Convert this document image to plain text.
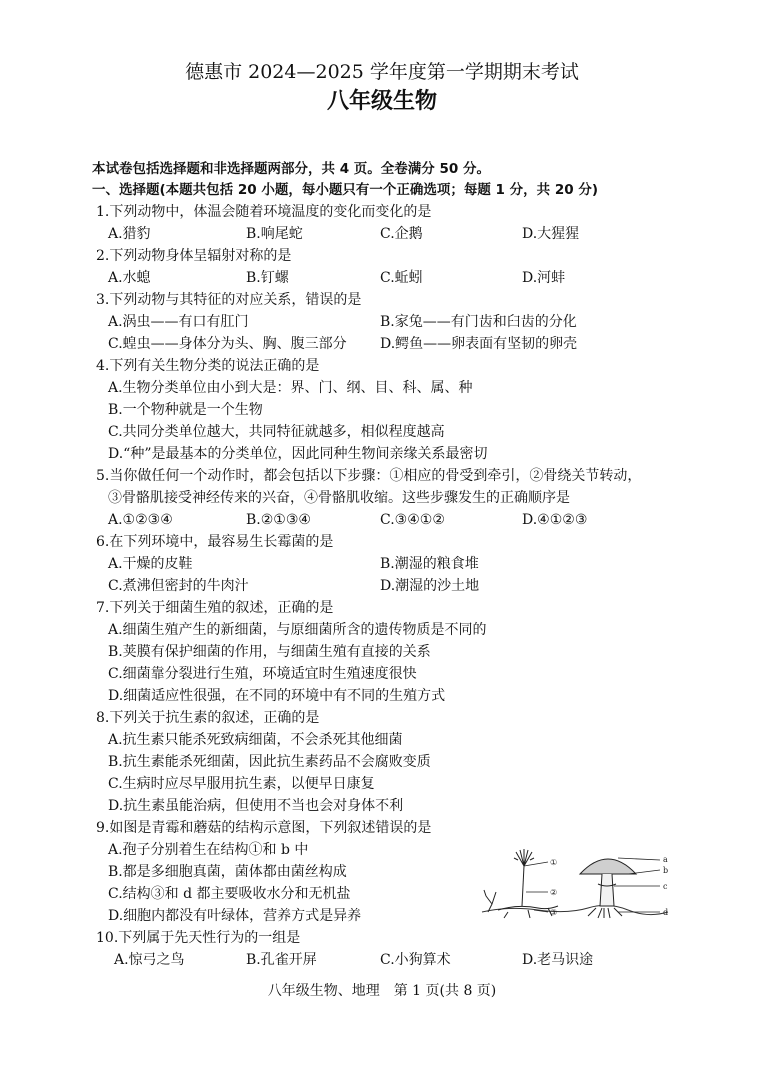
德惠市 2024—2025 学年度第一学期期末考试
八年级生物
本试卷包括选择题和非选择题两部分，共 4 页。全卷满分 50 分。
一、选择题(本题共包括 20 小题，每小题只有一个正确选项；每题 1 分，共 20 分)
1.下列动物中，体温会随着环境温度的变化而变化的是
A.猎豹	B.响尾蛇	C.企鹅	D.大猩猩
2.下列动物身体呈辐射对称的是
A.水螅	B.钉螺	C.蚯蚓	D.河蚌
3.下列动物与其特征的对应关系，错误的是
A.涡虫——有口有肛门	B.家兔——有门齿和臼齿的分化
C.蝗虫——身体分为头、胸、腹三部分 D.鳄鱼——卵表面有坚韧的卵壳
4.下列有关生物分类的说法正确的是
A.生物分类单位由小到大是：界、门、纲、目、科、属、种
B.一个物种就是一个生物
C.共同分类单位越大，共同特征就越多，相似程度越高
D.“种”是最基本的分类单位，因此同种生物间亲缘关系最密切
5.当你做任何一个动作时，都会包括以下步骤：①相应的骨受到牵引，②骨绕关节转动，
③骨骼肌接受神经传来的兴奋，④骨骼肌收缩。这些步骤发生的正确顺序是
A.①②③④	B.②①③④	C.③④①②	D.④①②③
6.在下列环境中，最容易生长霉菌的是
A.干燥的皮鞋	B.潮湿的粮食堆
C.煮沸但密封的牛肉汁	D.潮湿的沙土地
7.下列关于细菌生殖的叙述，正确的是
A.细菌生殖产生的新细菌，与原细菌所含的遗传物质是不同的
B.荚膜有保护细菌的作用，与细菌生殖有直接的关系
C.细菌靠分裂进行生殖，环境适宜时生殖速度很快
D.细菌适应性很强，在不同的环境中有不同的生殖方式
8.下列关于抗生素的叙述，正确的是
A.抗生素只能杀死致病细菌，不会杀死其他细菌
B.抗生素能杀死细菌，因此抗生素药品不会腐败变质
C.生病时应尽早服用抗生素，以便早日康复
D.抗生素虽能治病，但使用不当也会对身体不利
9.如图是青霉和蘑菇的结构示意图，下列叙述错误的是
A.孢子分别着生在结构①和 b 中
B.都是多细胞真菌，菌体都由菌丝构成
C.结构③和 d 都主要吸收水分和无机盐
D.细胞内都没有叶绿体，营养方式是异养
①
②
③
a
b
c
d
10.下列属于先天性行为的一组是
A.惊弓之鸟	B.孔雀开屏	C.小狗算术	D.老马识途
八年级生物、地理　第 1 页(共 8 页)
